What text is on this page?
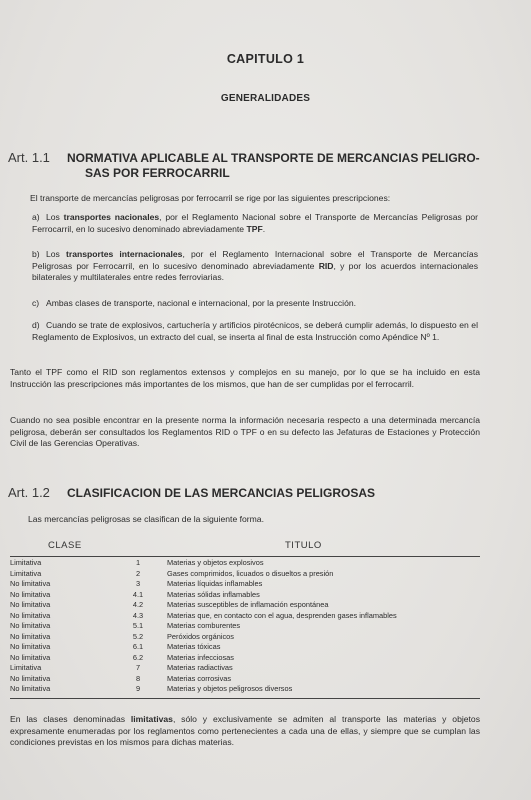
CAPITULO 1
GENERALIDADES
Art. 1.1 NORMATIVA APLICABLE AL TRANSPORTE DE MERCANCIAS PELIGRO-
SAS POR FERROCARRIL
El transporte de mercancías peligrosas por ferrocarril se rige por las siguientes prescripciones:
a) Los transportes nacionales, por el Reglamento Nacional sobre el Transporte de Mercancías Peligrosas por Ferrocarril, en lo sucesivo denominado abreviadamente TPF.
b) Los transportes internacionales, por el Reglamento Internacional sobre el Transporte de Mercancías Peligrosas por Ferrocarril, en lo sucesivo denominado abreviadamente RID, y por los acuerdos internacionales bilaterales y multilaterales entre redes ferroviarias.
c) Ambas clases de transporte, nacional e internacional, por la presente Instrucción.
d) Cuando se trate de explosivos, cartuchería y artificios pirotécnicos, se deberá cumplir además, lo dispuesto en el Reglamento de Explosivos, un extracto del cual, se inserta al final de esta Instrucción como Apéndice Nº 1.
Tanto el TPF como el RID son reglamentos extensos y complejos en su manejo, por lo que se ha incluido en esta Instrucción las prescripciones más importantes de los mismos, que han de ser cumplidas por el ferrocarril.
Cuando no sea posible encontrar en la presente norma la información necesaria respecto a una determinada mercancía peligrosa, deberán ser consultados los Reglamentos RID o TPF o en su defecto las Jefaturas de Estaciones y Protección Civil de las Gerencias Operativas.
Art. 1.2 CLASIFICACION DE LAS MERCANCIAS PELIGROSAS
Las mercancías peligrosas se clasifican de la siguiente forma.
CLASE	TITULO
Limitativa	1	Materias y objetos explosivos
Limitativa	2	Gases comprimidos, licuados o disueltos a presión
No limitativa	3	Materias líquidas inflamables
No limitativa	4.1	Materias sólidas inflamables
No limitativa	4.2	Materias susceptibles de inflamación espontánea
No limitativa	4.3	Materias que, en contacto con el agua, desprenden gases inflamables
No limitativa	5.1	Materias comburentes
No limitativa	5.2	Peróxidos orgánicos
No limitativa	6.1	Materias tóxicas
No limitativa	6.2	Materias infecciosas
Limitativa	7	Materias radiactivas
No limitativa	8	Materias corrosivas
No limitativa	9	Materias y objetos peligrosos diversos
En las clases denominadas limitativas, sólo y exclusivamente se admiten al transporte las materias y objetos expresamente enumeradas por los reglamentos como pertenecientes a cada una de ellas, y siempre que se cumplan las condiciones previstas en los mismos para dichas materias.
